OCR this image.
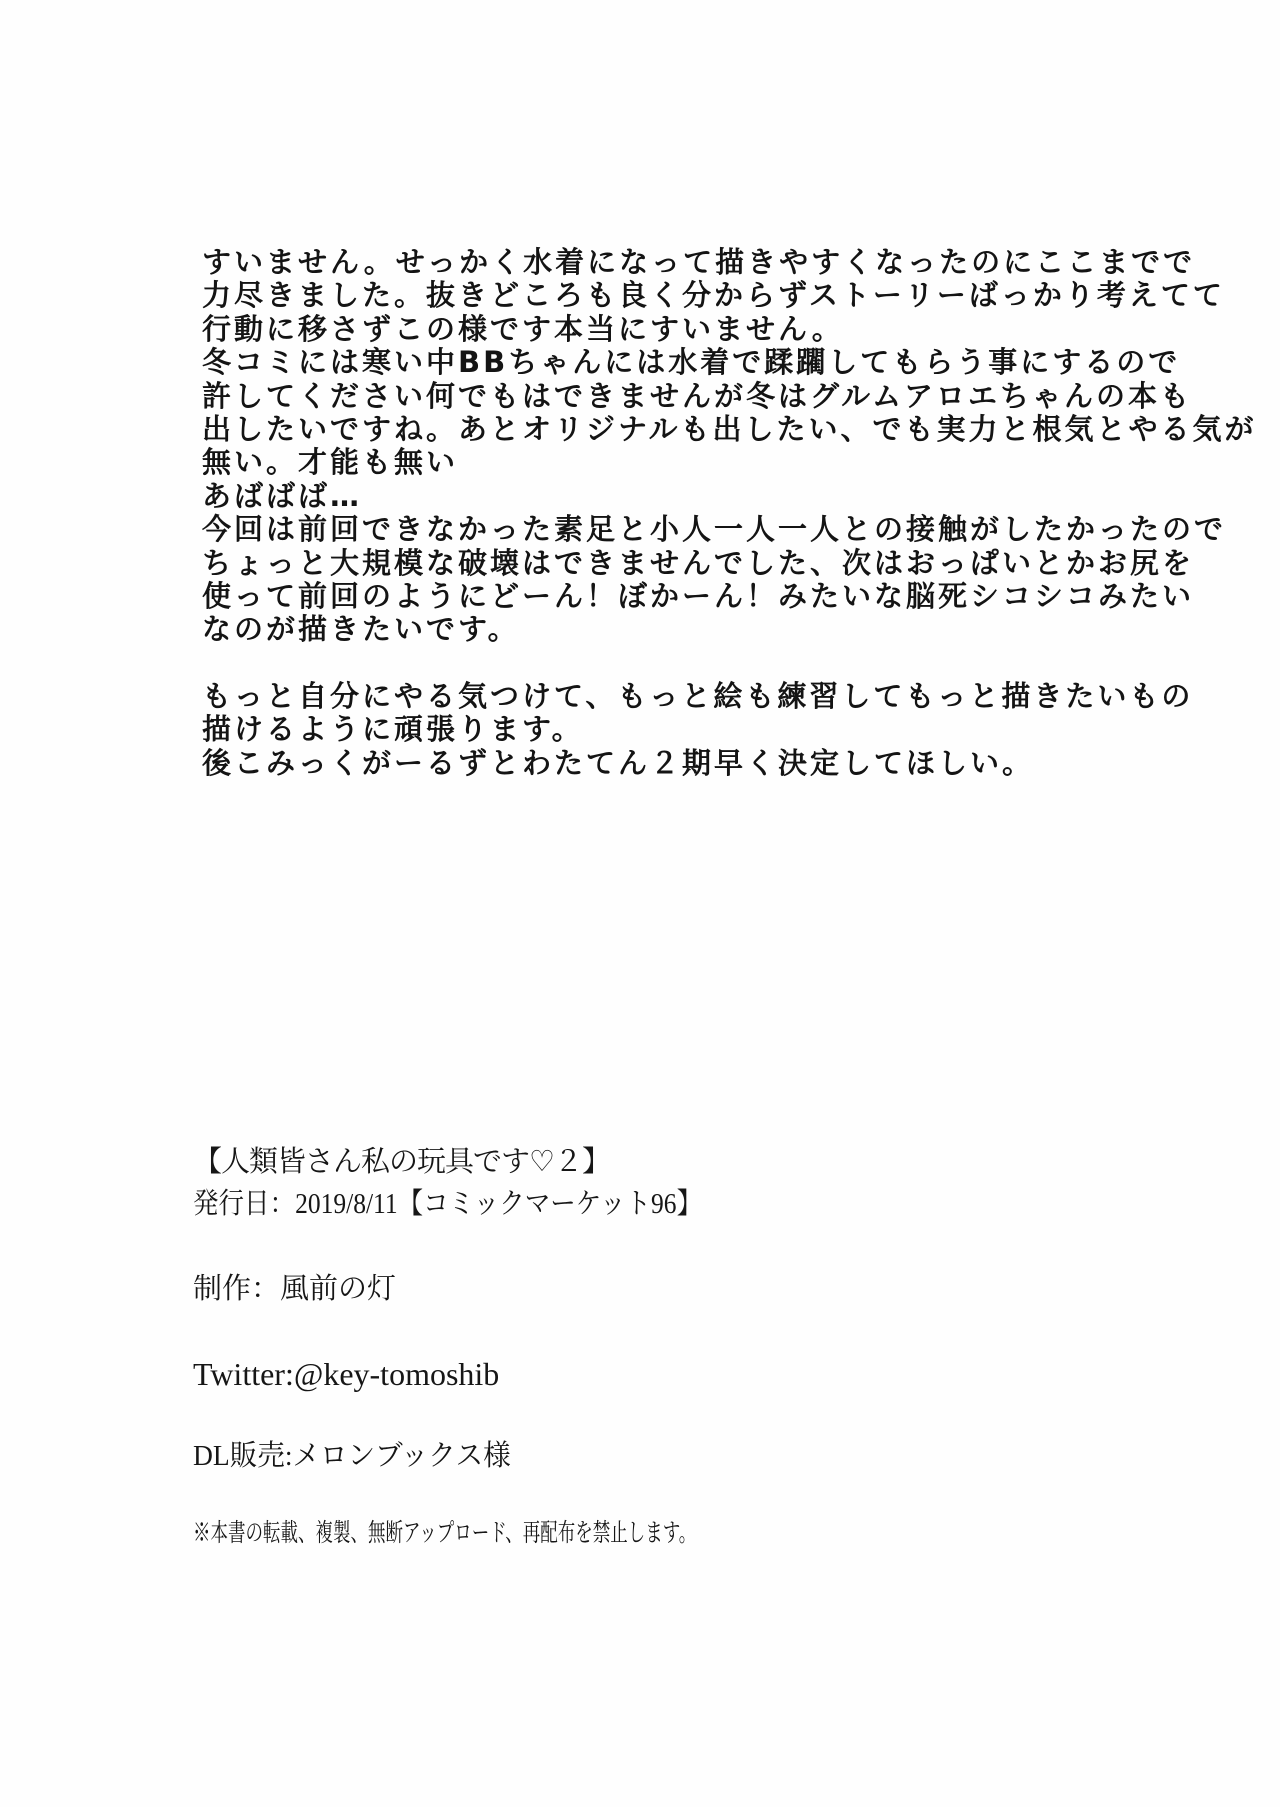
すいません。せっかく水着になって描きやすくなったのにここまでで
力尽きました。抜きどころも良く分からずストーリーばっかり考えてて
行動に移さずこの様です本当にすいません。
冬コミには寒い中BBちゃんには水着で蹂躙してもらう事にするので
許してください何でもはできませんが冬はグルムアロエちゃんの本も
出したいですね。あとオリジナルも出したい、でも実力と根気とやる気が
無い。才能も無い
あばばば…
今回は前回できなかった素足と小人一人一人との接触がしたかったので
ちょっと大規模な破壊はできませんでした、次はおっぱいとかお尻を
使って前回のようにどーん！ぼかーん！みたいな脳死シコシコみたい
なのが描きたいです。
もっと自分にやる気つけて、もっと絵も練習してもっと描きたいもの
描けるように頑張ります。
後こみっくがーるずとわたてん２期早く決定してほしい。
【人類皆さん私の玩具です♡２】
発行日：2019/8/11【コミックマーケット96】
制作：風前の灯
Twitter:@key-tomoshib
DL販売:メロンブックス様
※本書の転載、複製、無断アップロード、再配布を禁止します。
